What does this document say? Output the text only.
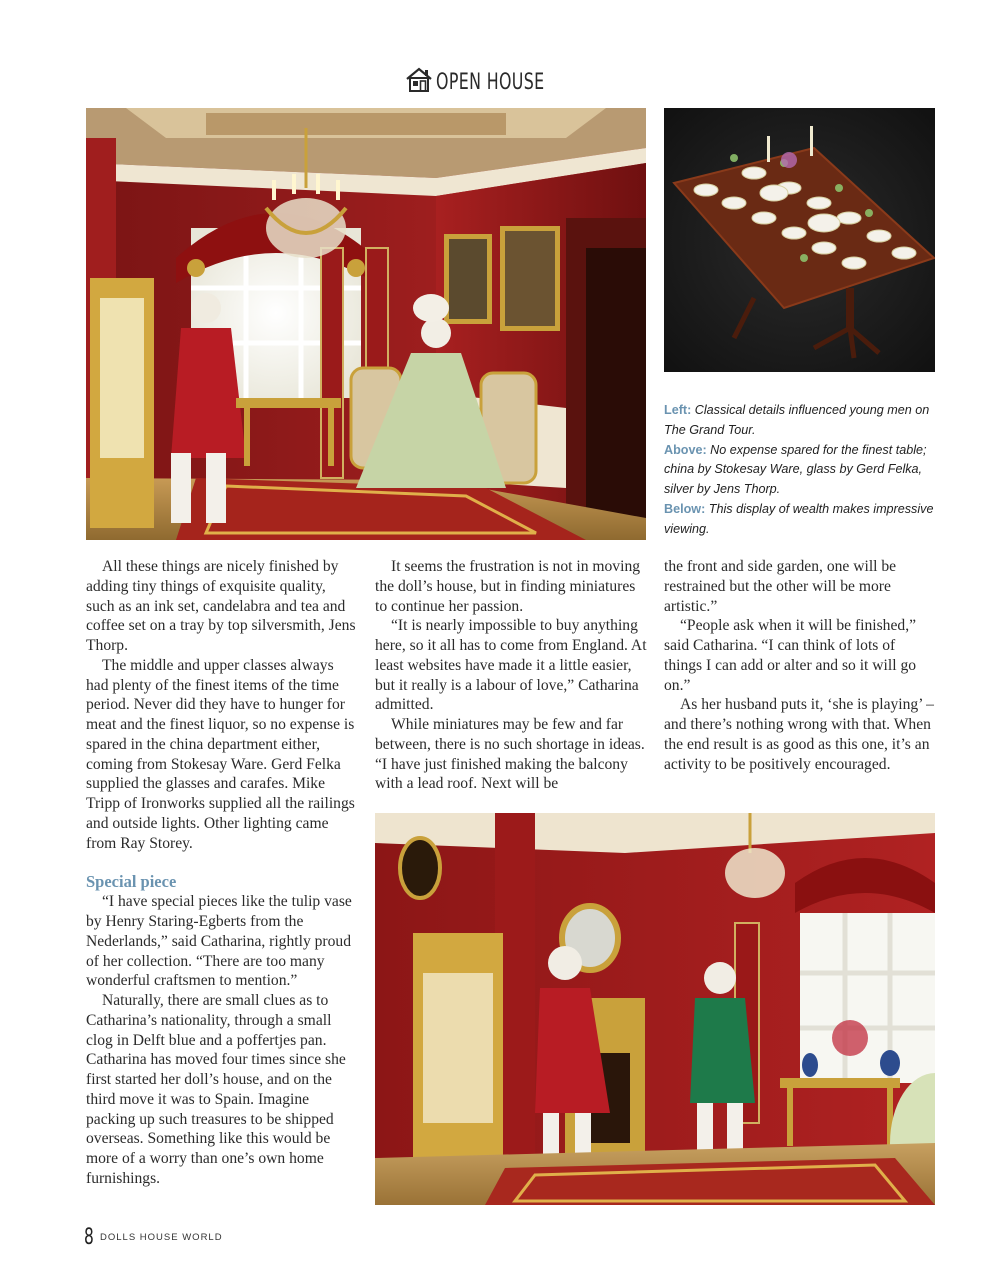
OPEN HOUSE

Left: Classical details influenced young men on The Grand Tour.

Above: No expense spared for the finest table; china by Stokesay Ware, glass by Gerd Felka, silver by Jens Thorp.

Below: This display of wealth makes impressive viewing.

All these things are nicely finished by adding tiny things of exquisite quality, such as an ink set, candelabra and tea and coffee set on a tray by top silversmith, Jens Thorp.

The middle and upper classes always had plenty of the finest items of the time period. Never did they have to hunger for meat and the finest liquor, so no expense is spared in the china department either, coming from Stokesay Ware. Gerd Felka supplied the glasses and carafes. Mike Tripp of Ironworks supplied all the railings and outside lights. Other lighting came from Ray Storey.

Special piece

“I have special pieces like the tulip vase by Henry Staring-Egberts from the Nederlands,” said Catharina, rightly proud of her collection. “There are too many wonderful craftsmen to mention.”

Naturally, there are small clues as to Catharina’s nationality, through a small clog in Delft blue and a poffertjes pan. Catharina has moved four times since she first started her doll’s house, and on the third move it was to Spain. Imagine packing up such treasures to be shipped overseas. Something like this would be more of a worry than one’s own home furnishings.

It seems the frustration is not in moving the doll’s house, but in finding miniatures to continue her passion.

“It is nearly impossible to buy anything here, so it all has to come from England. At least websites have made it a little easier, but it really is a labour of love,” Catharina admitted.

While miniatures may be few and far between, there is no such shortage in ideas. “I have just finished making the balcony with a lead roof. Next will be

the front and side garden, one will be restrained but the other will be more artistic.”

“People ask when it will be finished,” said Catharina. “I can think of lots of things I can add or alter and so it will go on.”

As her husband puts it, ‘she is playing’ – and there’s nothing wrong with that. When the end result is as good as this one, it’s an activity to be positively encouraged.

8 DOLLS HOUSE WORLD
